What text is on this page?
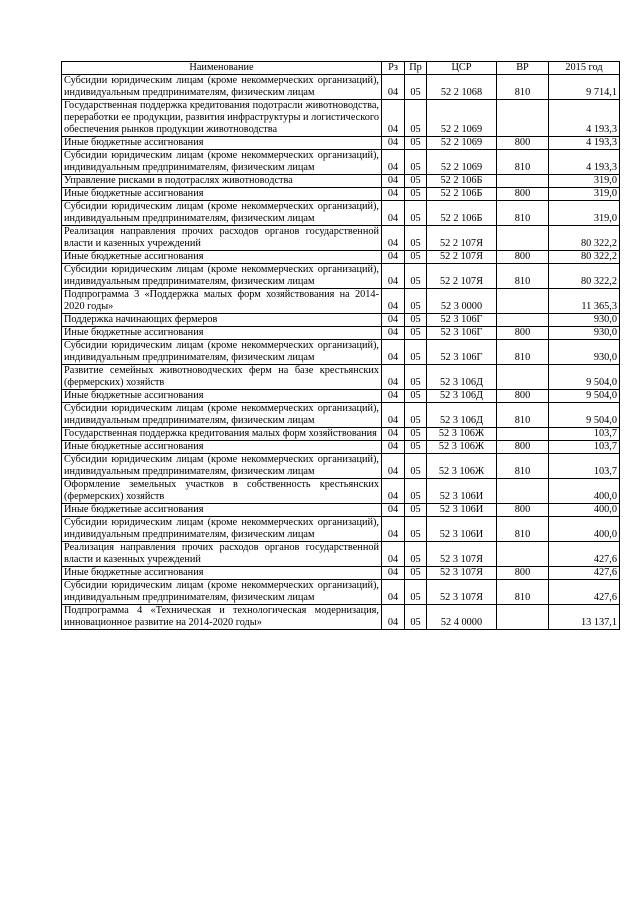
Наименование	Рз	Пр	ЦСР	ВР	2015 год
Субсидии юридическим лицам (кроме некоммерческих организаций), индивидуальным предпринимателям, физическим лицам	04	05	52 2 1068	810	9 714,1
Государственная поддержка кредитования подотрасли животноводства, переработки ее продукции, развития инфраструктуры и логистического обеспечения рынков продукции животноводства	04	05	52 2 1069		4 193,3
Иные бюджетные ассигнования	04	05	52 2 1069	800	4 193,3
Субсидии юридическим лицам (кроме некоммерческих организаций), индивидуальным предпринимателям, физическим лицам	04	05	52 2 1069	810	4 193,3
Управление рисками в подотраслях животноводства	04	05	52 2 106Б		319,0
Иные бюджетные ассигнования	04	05	52 2 106Б	800	319,0
Субсидии юридическим лицам (кроме некоммерческих организаций), индивидуальным предпринимателям, физическим лицам	04	05	52 2 106Б	810	319,0
Реализация направления прочих расходов органов государственной власти и казенных учреждений	04	05	52 2 107Я		80 322,2
Иные бюджетные ассигнования	04	05	52 2 107Я	800	80 322,2
Субсидии юридическим лицам (кроме некоммерческих организаций), индивидуальным предпринимателям, физическим лицам	04	05	52 2 107Я	810	80 322,2
Подпрограмма 3 «Поддержка малых форм хозяйствования на 2014-2020 годы»	04	05	52 3 0000		11 365,3
Поддержка начинающих фермеров	04	05	52 3 106Г		930,0
Иные бюджетные ассигнования	04	05	52 3 106Г	800	930,0
Субсидии юридическим лицам (кроме некоммерческих организаций), индивидуальным предпринимателям, физическим лицам	04	05	52 3 106Г	810	930,0
Развитие семейных животноводческих ферм на базе крестьянских (фермерских) хозяйств	04	05	52 3 106Д		9 504,0
Иные бюджетные ассигнования	04	05	52 3 106Д	800	9 504,0
Субсидии юридическим лицам (кроме некоммерческих организаций), индивидуальным предпринимателям, физическим лицам	04	05	52 3 106Д	810	9 504,0
Государственная поддержка кредитования малых форм хозяйствования	04	05	52 3 106Ж		103,7
Иные бюджетные ассигнования	04	05	52 3 106Ж	800	103,7
Субсидии юридическим лицам (кроме некоммерческих организаций), индивидуальным предпринимателям, физическим лицам	04	05	52 3 106Ж	810	103,7
Оформление земельных участков в собственность крестьянских (фермерских) хозяйств	04	05	52 3 106И		400,0
Иные бюджетные ассигнования	04	05	52 3 106И	800	400,0
Субсидии юридическим лицам (кроме некоммерческих организаций), индивидуальным предпринимателям, физическим лицам	04	05	52 3 106И	810	400,0
Реализация направления прочих расходов органов государственной власти и казенных учреждений	04	05	52 3 107Я		427,6
Иные бюджетные ассигнования	04	05	52 3 107Я	800	427,6
Субсидии юридическим лицам (кроме некоммерческих организаций), индивидуальным предпринимателям, физическим лицам	04	05	52 3 107Я	810	427,6
Подпрограмма 4 «Техническая и технологическая модернизация, инновационное развитие на 2014-2020 годы»	04	05	52 4 0000		13 137,1
